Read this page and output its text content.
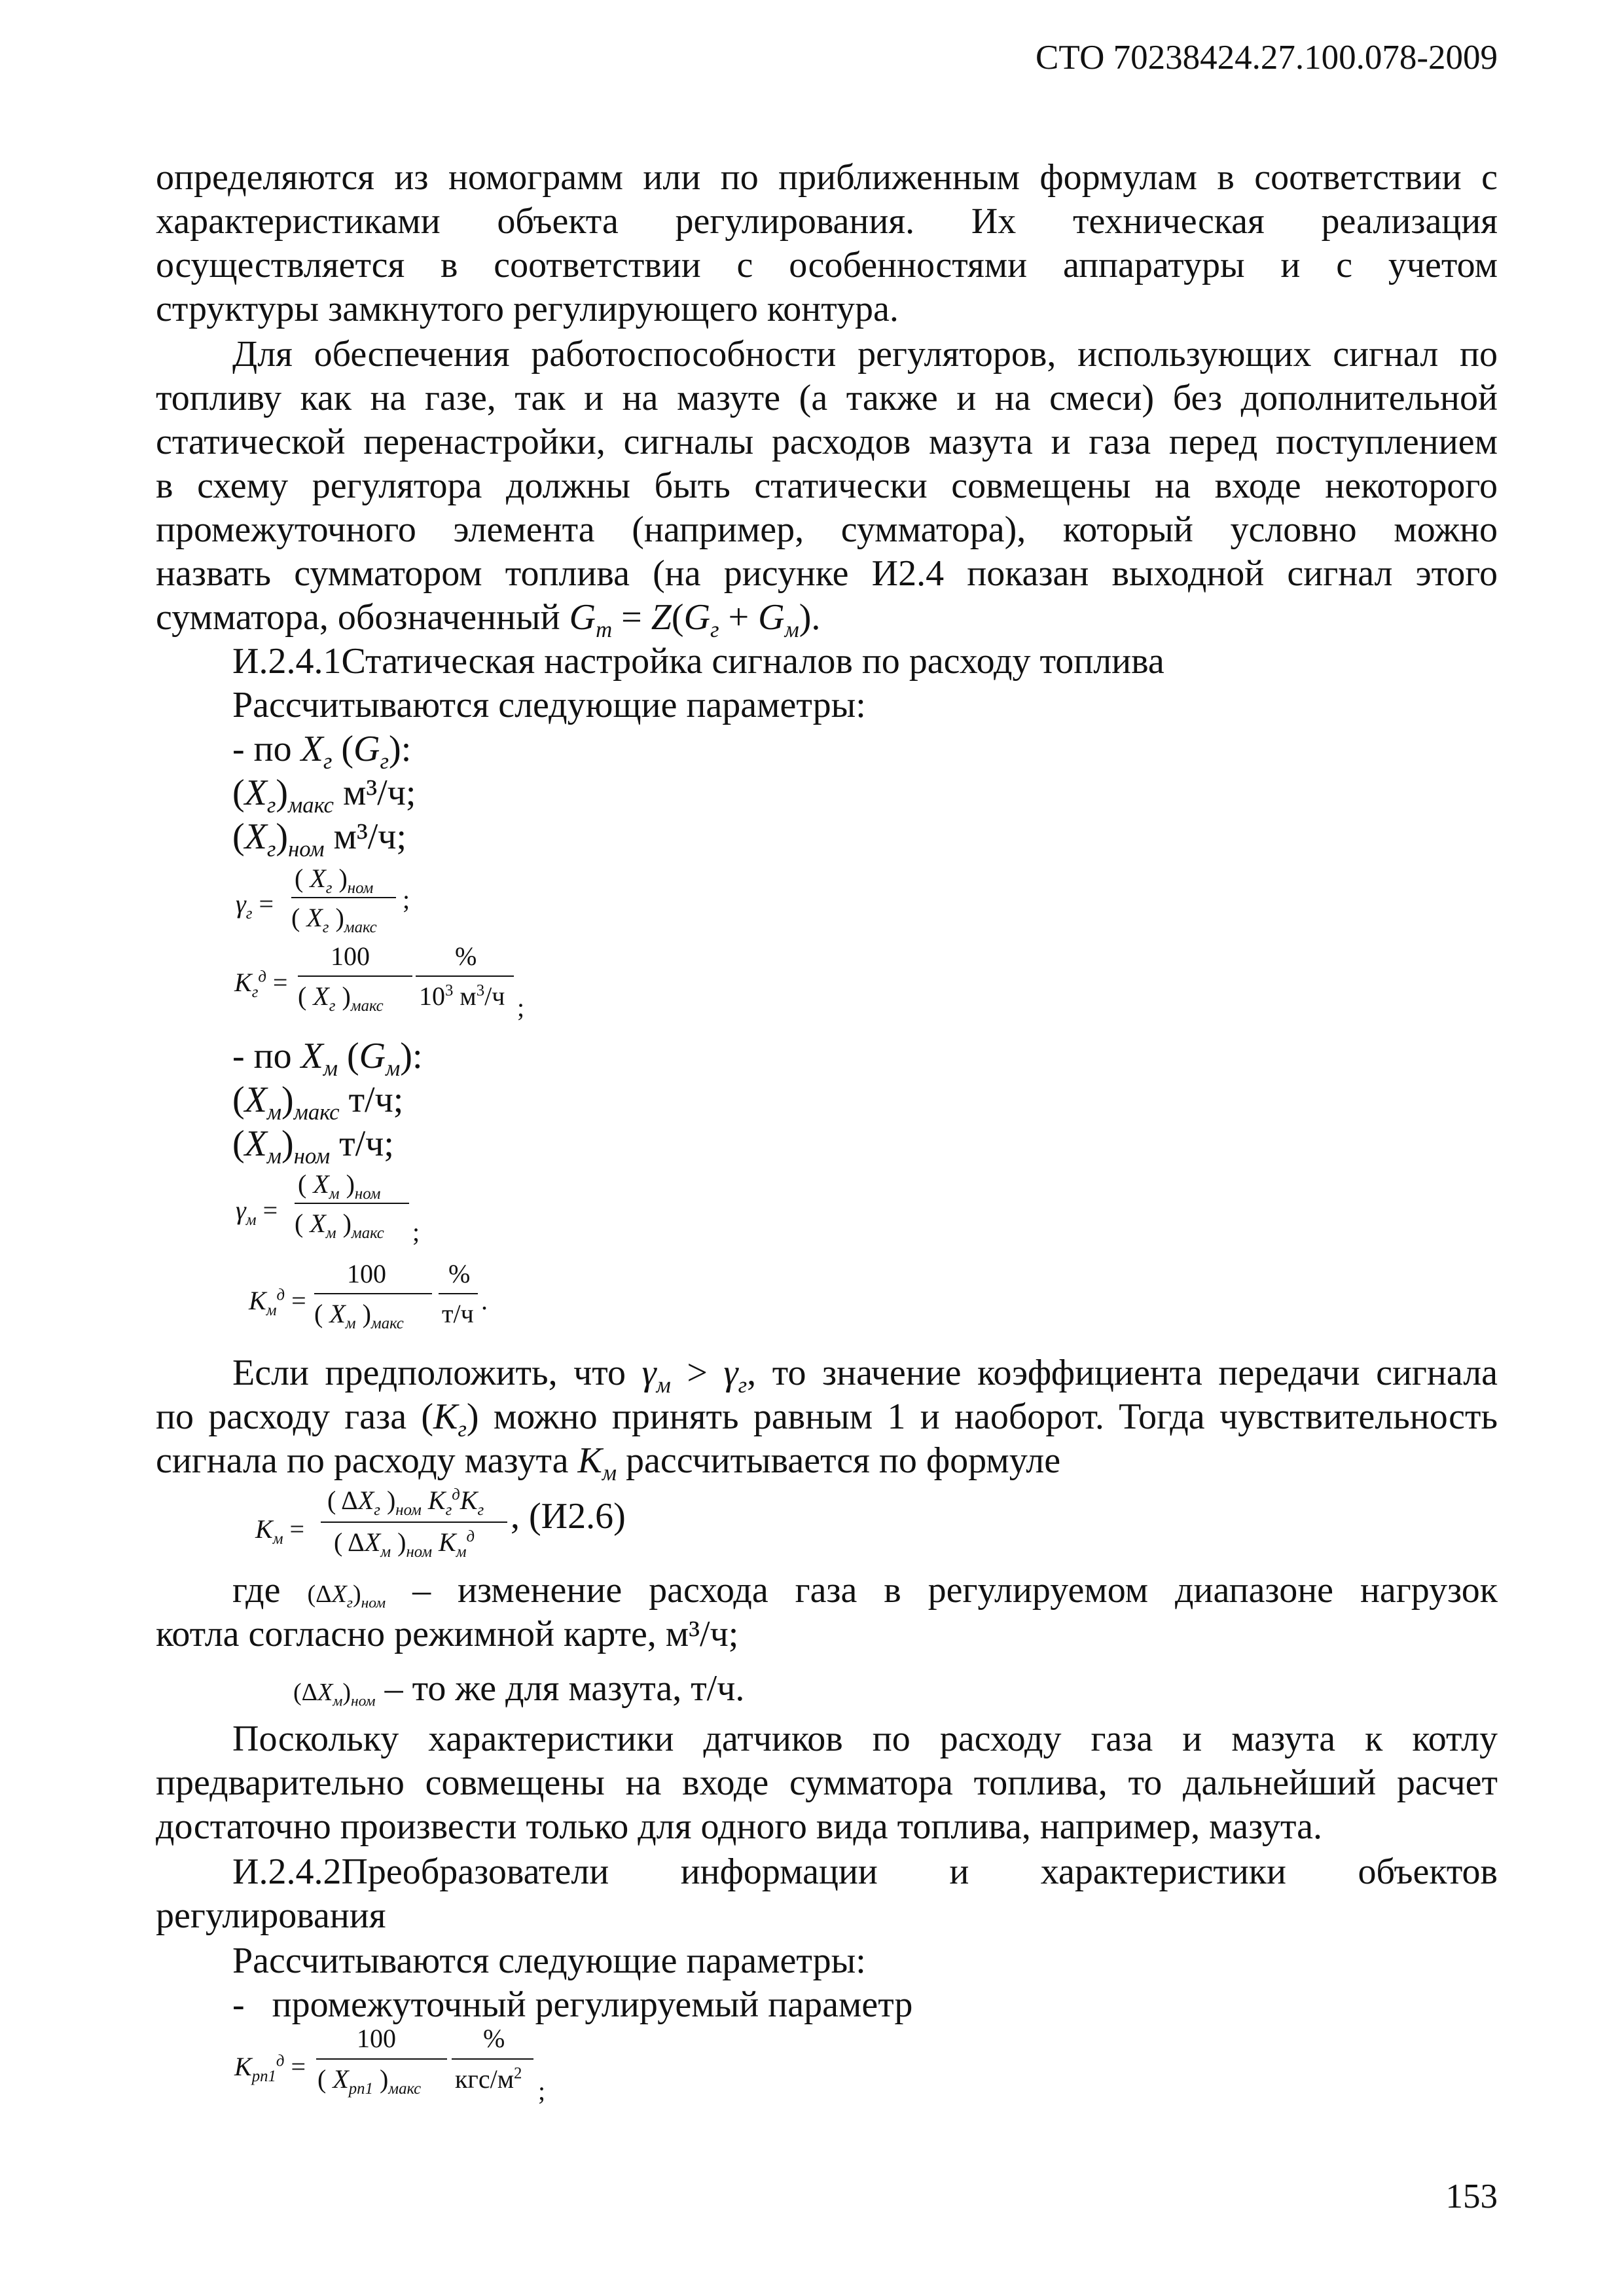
СТО 70238424.27.100.078-2009
определяются из номограмм или по приближенным формулам в соответствии с
характеристиками объекта регулирования. Их техническая реализация
осуществляется в соответствии с особенностями аппаратуры и с учетом
структуры замкнутого регулирующего контура.
Для обеспечения работоспособности регуляторов, использующих сигнал по
топливу как на газе, так и на мазуте (а также и на смеси) без дополнительной
статической перенастройки, сигналы расходов мазута и газа перед поступлением
в схему регулятора должны быть статически совмещены на входе некоторого
промежуточного элемента (например, сумматора), который условно можно
назвать сумматором топлива (на рисунке И2.4 показан выходной сигнал этого
сумматора, обозначенный $G_т = Z(G_г + G_м)$.
И.2.4.1Статическая настройка сигналов по расходу топлива
Рассчитываются следующие параметры:
- по $X_г$ $(G_г)$:
$(X_г)_{макс}$ м³/ч;
$(X_г)_{ном}$ м³/ч;
$\gamma_г$ =
( $X_г$ )$_{ном}$
( $X_г$ )$_{макс}$
;
$K_г^д$ =
100
( $X_г$ )$_{макс}$
%
$10^3$ $м^3/ч$ ;
- по $X_м$ $(G_м)$:
$(X_м)_{макс}$ т/ч;
$(X_м)_{ном}$ т/ч;
$\gamma_м$ =
( $X_м$ )$_{ном}$
( $X_м$ )$_{макс}$ ;
$K_м^д$ =
100
( $X_м$ )$_{макс}$
%
т/ч .
Если предположить, что $\gamma_м > \gamma_г$, то значение коэффициента передачи сигнала
по расходу газа $(K_г)$ можно принять равным 1 и наоборот. Тогда чувствительность
сигнала по расходу мазута $K_м$ рассчитывается по формуле
$K_м$ =
( $\Delta X_г$ )$_{ном}$ $K_г^дK_г$
( $\Delta X_м$ )$_{ном}$ $K_м^д$
, (И2.6)
где $(\Delta X_г)_{ном}$ – изменение расхода газа в регулируемом диапазоне нагрузок
котла согласно режимной карте, м³/ч;
$(\Delta X_м)_{ном}$ – то же для мазута, т/ч.
Поскольку характеристики датчиков по расходу газа и мазута к котлу
предварительно совмещены на входе сумматора топлива, то дальнейший расчет
достаточно произвести только для одного вида топлива, например, мазута.
И.2.4.2Преобразователи информации и характеристики объектов
регулирования
Рассчитываются следующие параметры:
- промежуточный регулируемый параметр
$K_{рп1}^д$ =
100
( $X_{рп1}$ )$_{макс}$
%
кгс/$м^2$
;
153
